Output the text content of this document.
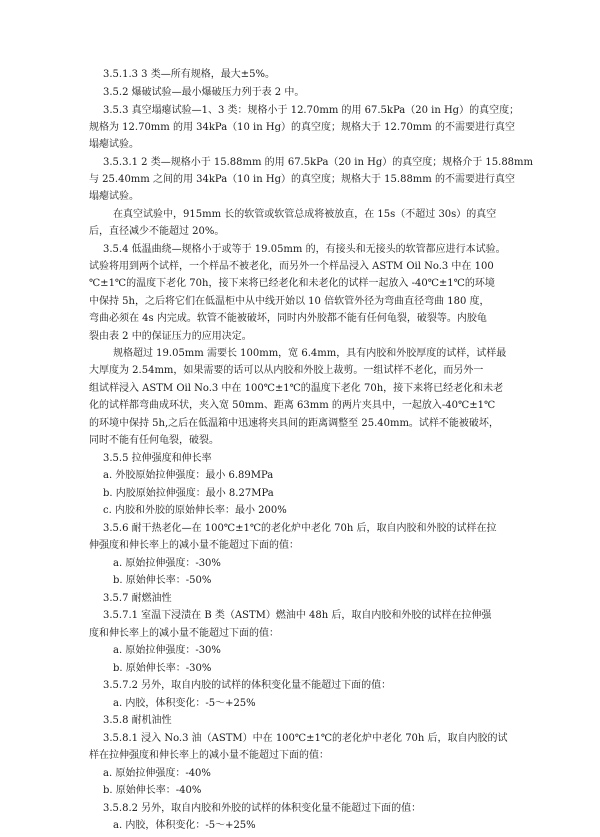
3.5.1.3 3 类—所有规格，最大±5%。
3.5.2 爆破试验—最小爆破压力列于表 2 中。
3.5.3 真空塌瘪试验—1、3 类：规格小于 12.70mm 的用 67.5kPa（20 in Hg）的真空度；
规格为 12.70mm 的用 34kPa（10 in Hg）的真空度；规格大于 12.70mm 的不需要进行真空
塌瘪试验。
3.5.3.1 2 类—规格小于 15.88mm 的用 67.5kPa（20 in Hg）的真空度；规格介于 15.88mm
与 25.40mm 之间的用 34kPa（10 in Hg）的真空度；规格大于 15.88mm 的不需要进行真空
塌瘪试验。
在真空试验中，915mm 长的软管或软管总成将被放直，在 15s（不超过 30s）的真空
后，直径减少不能超过 20%。
3.5.4 低温曲绕—规格小于或等于 19.05mm 的，有接头和无接头的软管都应进行本试验。
试验将用到两个试样，一个样品不被老化，而另外一个样品浸入 ASTM Oil No.3 中在 100
℃±1℃的温度下老化 70h，接下来将已经老化和未老化的试样一起放入 -40℃±1℃的环境
中保持 5h，之后将它们在低温柜中从中线开始以 10 倍软管外径为弯曲直径弯曲 180 度，
弯曲必须在 4s 内完成。软管不能被破坏，同时内外胶都不能有任何龟裂，破裂等。内胶龟
裂由表 2 中的保证压力的应用决定。
规格超过 19.05mm 需要长 100mm，宽 6.4mm，具有内胶和外胶厚度的试样，试样最
大厚度为 2.54mm，如果需要的话可以从内胶和外胶上裁剪。一组试样不老化，而另外一
组试样浸入 ASTM Oil No.3 中在 100℃±1℃的温度下老化 70h，接下来将已经老化和未老
化的试样都弯曲成环状，夹入宽 50mm、距离 63mm 的两片夹具中，一起放入-40℃±1℃
的环境中保持 5h,之后在低温箱中迅速将夹具间的距离调整至 25.40mm。试样不能被破坏，
同时不能有任何龟裂，破裂。
3.5.5 拉伸强度和伸长率
a. 外胶原始拉伸强度：最小 6.89MPa
b. 内胶原始拉伸强度：最小 8.27MPa
c. 内胶和外胶的原始伸长率：最小 200%
3.5.6 耐干热老化—在 100℃±1℃的老化炉中老化 70h 后，取自内胶和外胶的试样在拉
伸强度和伸长率上的减小量不能超过下面的值：
a. 原始拉伸强度：-30%
b. 原始伸长率：-50%
3.5.7 耐燃油性
3.5.7.1 室温下浸渍在 B 类（ASTM）燃油中 48h 后，取自内胶和外胶的试样在拉伸强
度和伸长率上的减小量不能超过下面的值：
a. 原始拉伸强度：-30%
b. 原始伸长率：-30%
3.5.7.2 另外，取自内胶的试样的体积变化量不能超过下面的值：
a. 内胶，体积变化：-5～+25%
3.5.8 耐机油性
3.5.8.1 浸入 No.3 油（ASTM）中在 100℃±1℃的老化炉中老化 70h 后，取自内胶的试
样在拉伸强度和伸长率上的减小量不能超过下面的值：
a. 原始拉伸强度：-40%
b. 原始伸长率：-40%
3.5.8.2 另外，取自内胶和外胶的试样的体积变化量不能超过下面的值：
a. 内胶，体积变化：-5～+25%
